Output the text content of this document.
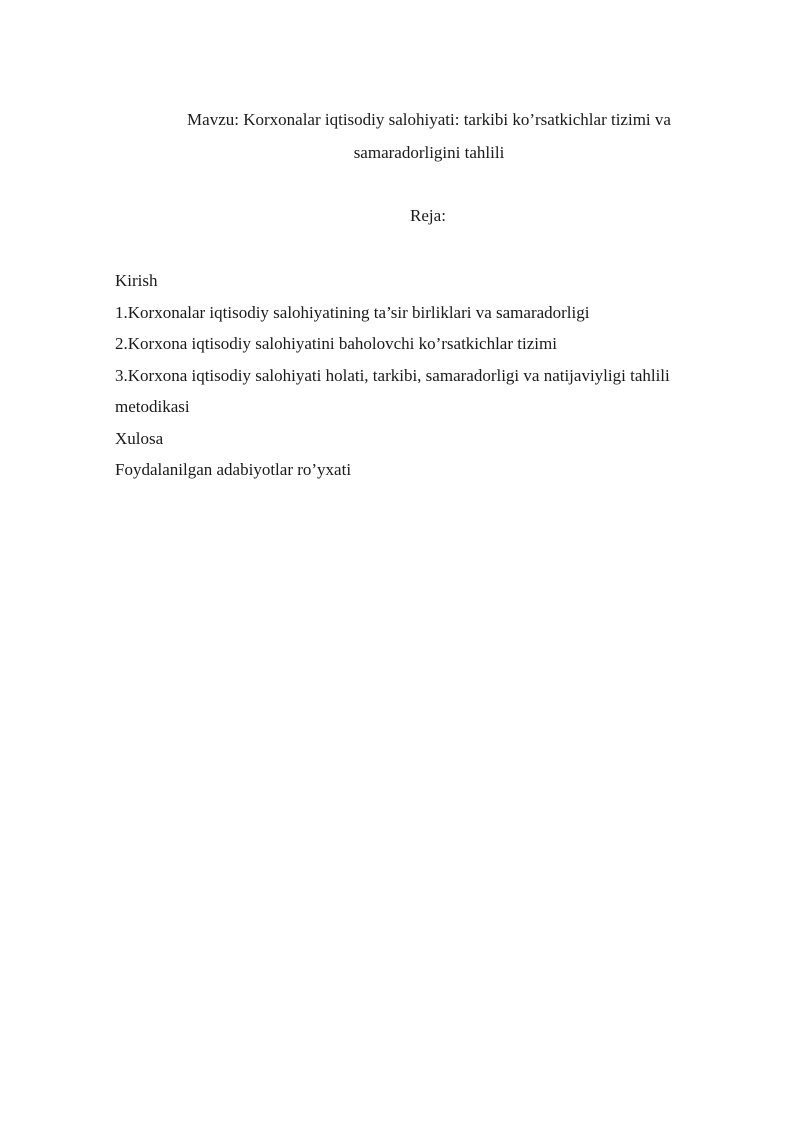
Mavzu: Korxonalar iqtisodiy salohiyati: tarkibi ko’rsatkichlar tizimi va
samaradorligini tahlili
Reja:
Kirish
1.Korxonalar iqtisodiy salohiyatining ta’sir birliklari va samaradorligi
2.Korxona iqtisodiy salohiyatini baholovchi ko’rsatkichlar tizimi
3.Korxona iqtisodiy salohiyati holati, tarkibi, samaradorligi va natijaviyligi tahlili
metodikasi
Xulosa
Foydalanilgan adabiyotlar ro’yxati
